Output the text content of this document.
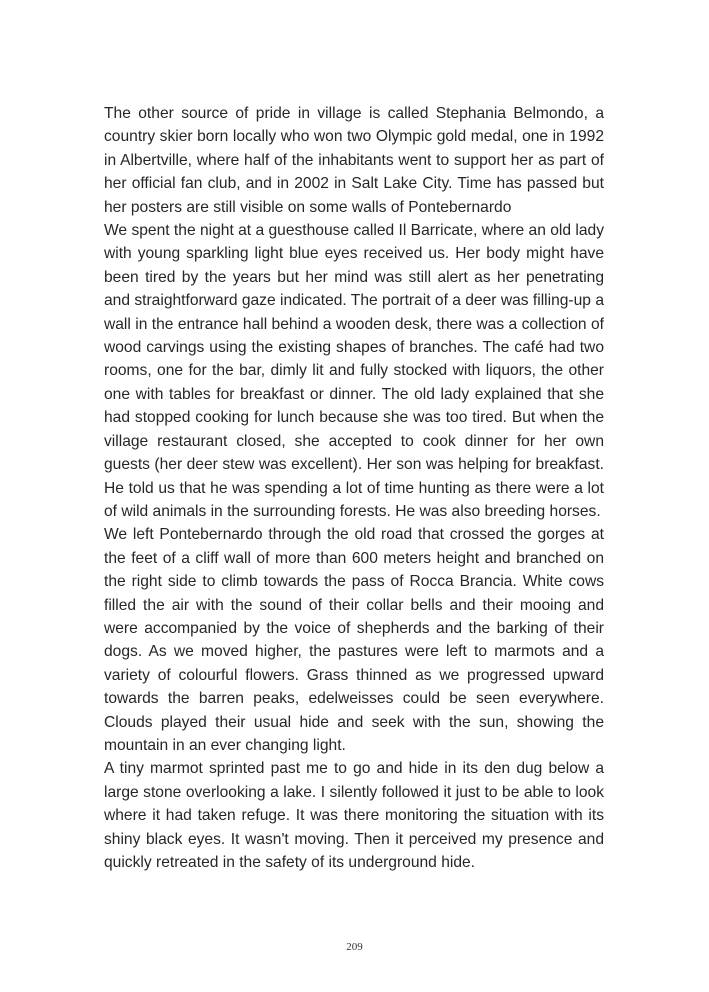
The other source of pride in village is called Stephania Belmondo, a country skier born locally who won two Olympic gold medal, one in 1992 in Albertville, where half of the inhabitants went to support her as part of her official fan club, and in 2002 in Salt Lake City. Time has passed but her posters are still visible on some walls of Pontebernardo

We spent the night at a guesthouse called Il Barricate, where an old lady with young sparkling light blue eyes received us. Her body might have been tired by the years but her mind was still alert as her penetrating and straightforward gaze indicated. The portrait of a deer was filling-up a wall in the entrance hall behind a wooden desk, there was a collection of wood carvings using the existing shapes of branches. The café had two rooms, one for the bar, dimly lit and fully stocked with liquors, the other one with tables for breakfast or dinner. The old lady explained that she had stopped cooking for lunch because she was too tired. But when the village restaurant closed, she accepted to cook dinner for her own guests (her deer stew was excellent). Her son was helping for breakfast. He told us that he was spending a lot of time hunting as there were a lot of wild animals in the surrounding forests. He was also breeding horses.

We left Pontebernardo through the old road that crossed the gorges at the feet of a cliff wall of more than 600 meters height and branched on the right side to climb towards the pass of Rocca Brancia. White cows filled the air with the sound of their collar bells and their mooing and were accompanied by the voice of shepherds and the barking of their dogs. As we moved higher, the pastures were left to marmots and a variety of colourful flowers. Grass thinned as we progressed upward towards the barren peaks, edelweisses could be seen everywhere. Clouds played their usual hide and seek with the sun, showing the mountain in an ever changing light.

A tiny marmot sprinted past me to go and hide in its den dug below a large stone overlooking a lake. I silently followed it just to be able to look where it had taken refuge. It was there monitoring the situation with its shiny black eyes. It wasn't moving. Then it perceived my presence and quickly retreated in the safety of its underground hide.

209
